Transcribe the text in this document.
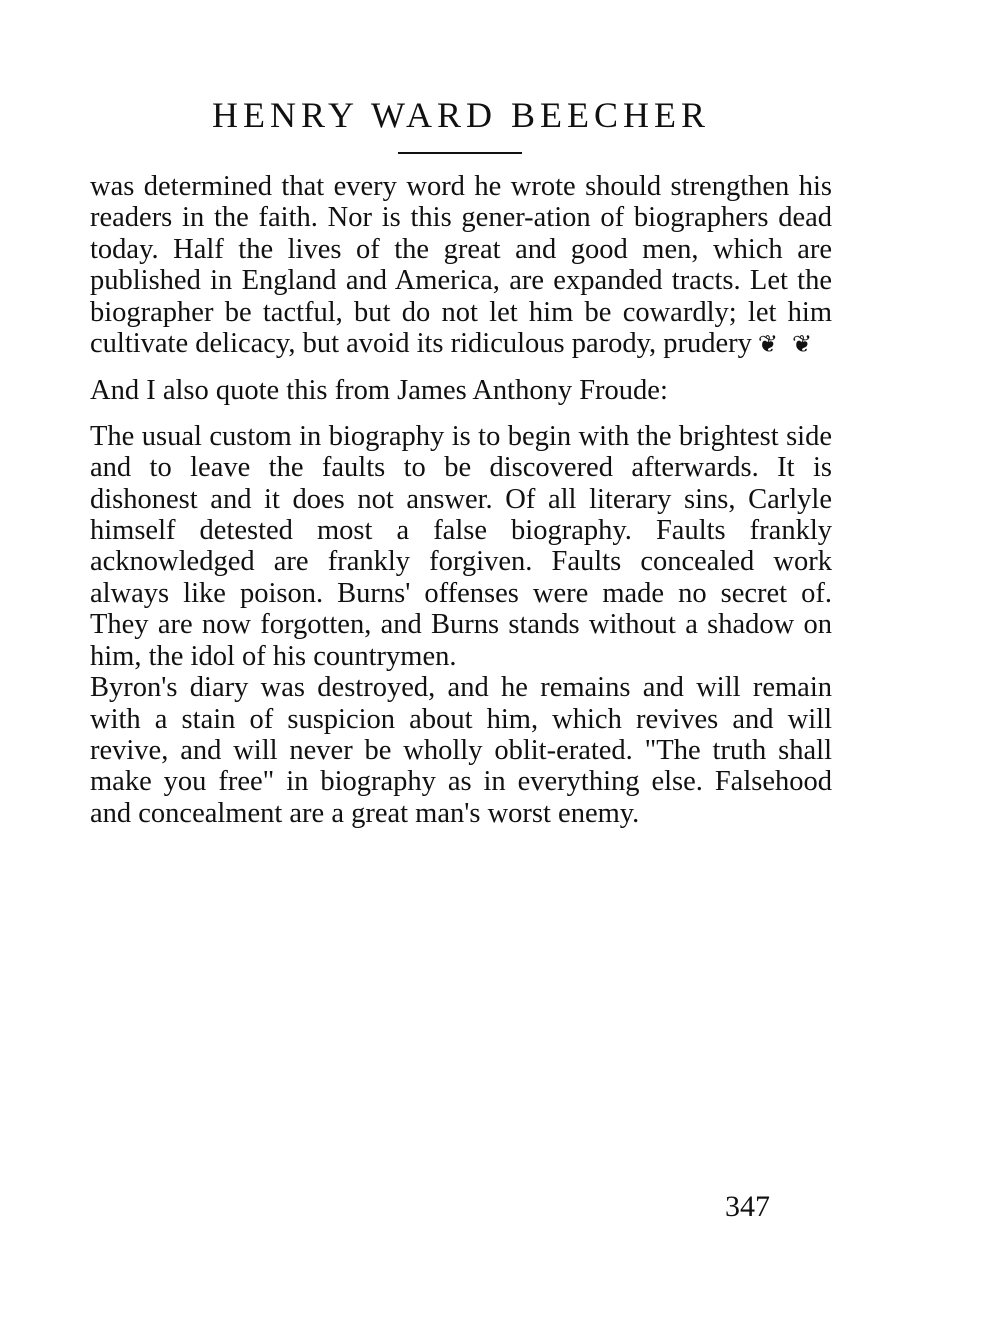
HENRY WARD BEECHER

was determined that every word he wrote should strengthen his readers in the faith. Nor is this gener-ation of biographers dead today. Half the lives of the great and good men, which are published in England and America, are expanded tracts. Let the biographer be tactful, but do not let him be cowardly; let him cultivate delicacy, but avoid its ridiculous parody, prudery ❦ ❦

And I also quote this from James Anthony Froude:

The usual custom in biography is to begin with the brightest side and to leave the faults to be discovered afterwards. It is dishonest and it does not answer. Of all literary sins, Carlyle himself detested most a false biography. Faults frankly acknowledged are frankly forgiven. Faults concealed work always like poison. Burns' offenses were made no secret of. They are now forgotten, and Burns stands without a shadow on him, the idol of his countrymen.

Byron's diary was destroyed, and he remains and will remain with a stain of suspicion about him, which revives and will revive, and will never be wholly oblit-erated. "The truth shall make you free" in biography as in everything else. Falsehood and concealment are a great man's worst enemy.

347
